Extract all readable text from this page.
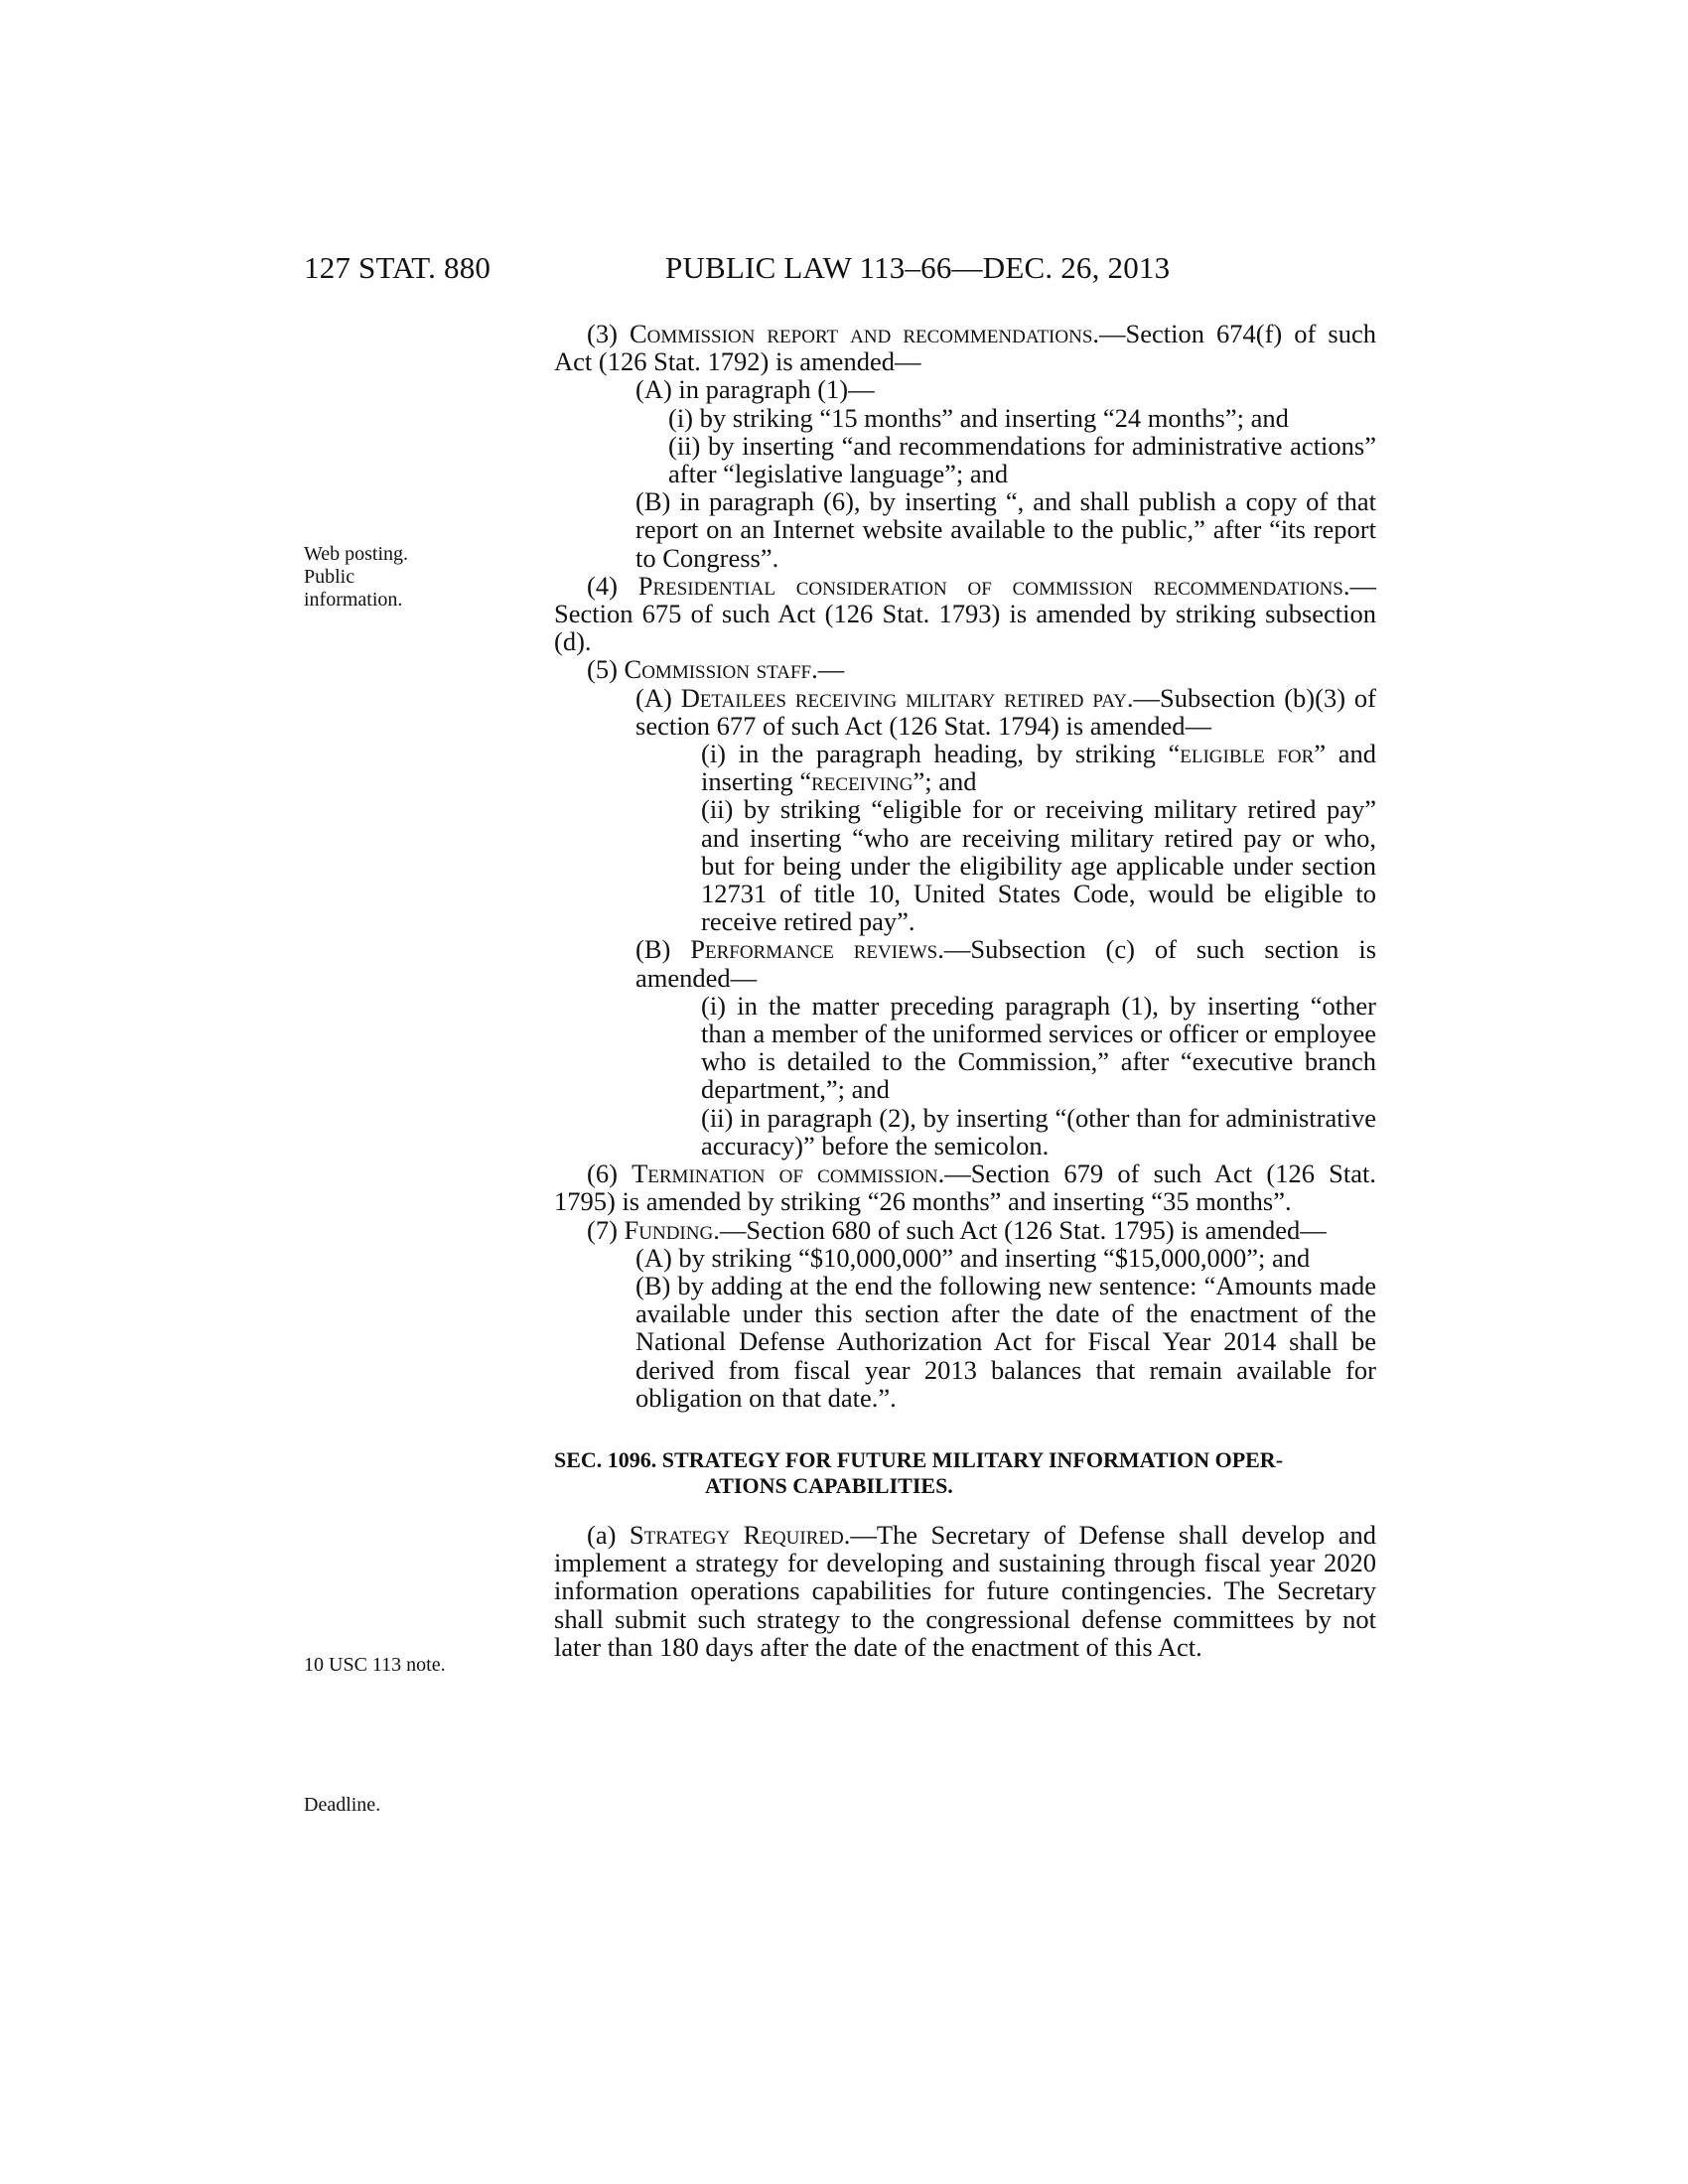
127 STAT. 880	PUBLIC LAW 113–66—DEC. 26, 2013
Web posting.
Public
information.
10 USC 113 note.
Deadline.

(3) Commission report and recommendations.—Section 674(f) of such Act (126 Stat. 1792) is amended—

(A) in paragraph (1)—

(i) by striking “15 months” and inserting “24 months”; and

(ii) by inserting “and recommendations for administrative actions” after “legislative language”; and

(B) in paragraph (6), by inserting “, and shall publish a copy of that report on an Internet website available to the public,” after “its report to Congress”.

(4) Presidential consideration of commission recommendations.—Section 675 of such Act (126 Stat. 1793) is amended by striking subsection (d).

(5) Commission staff.—

(A) Detailees receiving military retired pay.—Subsection (b)(3) of section 677 of such Act (126 Stat. 1794) is amended—

(i) in the paragraph heading, by striking “eligible for” and inserting “receiving”; and

(ii) by striking “eligible for or receiving military retired pay” and inserting “who are receiving military retired pay or who, but for being under the eligibility age applicable under section 12731 of title 10, United States Code, would be eligible to receive retired pay”.

(B) Performance reviews.—Subsection (c) of such section is amended—

(i) in the matter preceding paragraph (1), by inserting “other than a member of the uniformed services or officer or employee who is detailed to the Commission,” after “executive branch department,”; and

(ii) in paragraph (2), by inserting “(other than for administrative accuracy)” before the semicolon.

(6) Termination of commission.—Section 679 of such Act (126 Stat. 1795) is amended by striking “26 months” and inserting “35 months”.

(7) Funding.—Section 680 of such Act (126 Stat. 1795) is amended—

(A) by striking “$10,000,000” and inserting “$15,000,000”; and

(B) by adding at the end the following new sentence: “Amounts made available under this section after the date of the enactment of the National Defense Authorization Act for Fiscal Year 2014 shall be derived from fiscal year 2013 balances that remain available for obligation on that date.”.

SEC. 1096. STRATEGY FOR FUTURE MILITARY INFORMATION OPER-
ATIONS CAPABILITIES.

(a) Strategy Required.—The Secretary of Defense shall develop and implement a strategy for developing and sustaining through fiscal year 2020 information operations capabilities for future contingencies. The Secretary shall submit such strategy to the congressional defense committees by not later than 180 days after the date of the enactment of this Act.
